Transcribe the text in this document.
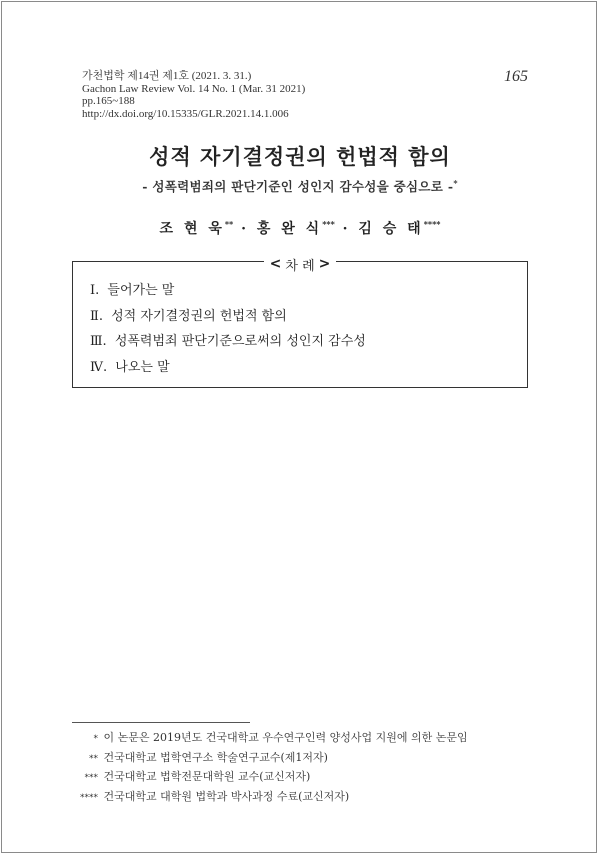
가천법학 제14권 제1호 (2021. 3. 31.)
Gachon Law Review Vol. 14 No. 1 (Mar. 31 2021)
pp.165~188
http://dx.doi.org/10.15335/GLR.2021.14.1.006
165
성적 자기결정권의 헌법적 함의
- 성폭력범죄의 판단기준인 성인지 감수성을 중심으로 -*
조 현 욱** · 홍 완 식*** · 김 승 태****
< 차 례 >
Ⅰ. 들어가는 말
Ⅱ. 성적 자기결정권의 헌법적 함의
Ⅲ. 성폭력범죄 판단기준으로써의 성인지 감수성
Ⅳ. 나오는 말
* 이 논문은 2019년도 건국대학교 우수연구인력 양성사업 지원에 의한 논문임
** 건국대학교 법학연구소 학술연구교수(제1저자)
*** 건국대학교 법학전문대학원 교수(교신저자)
**** 건국대학교 대학원 법학과 박사과정 수료(교신저자)
